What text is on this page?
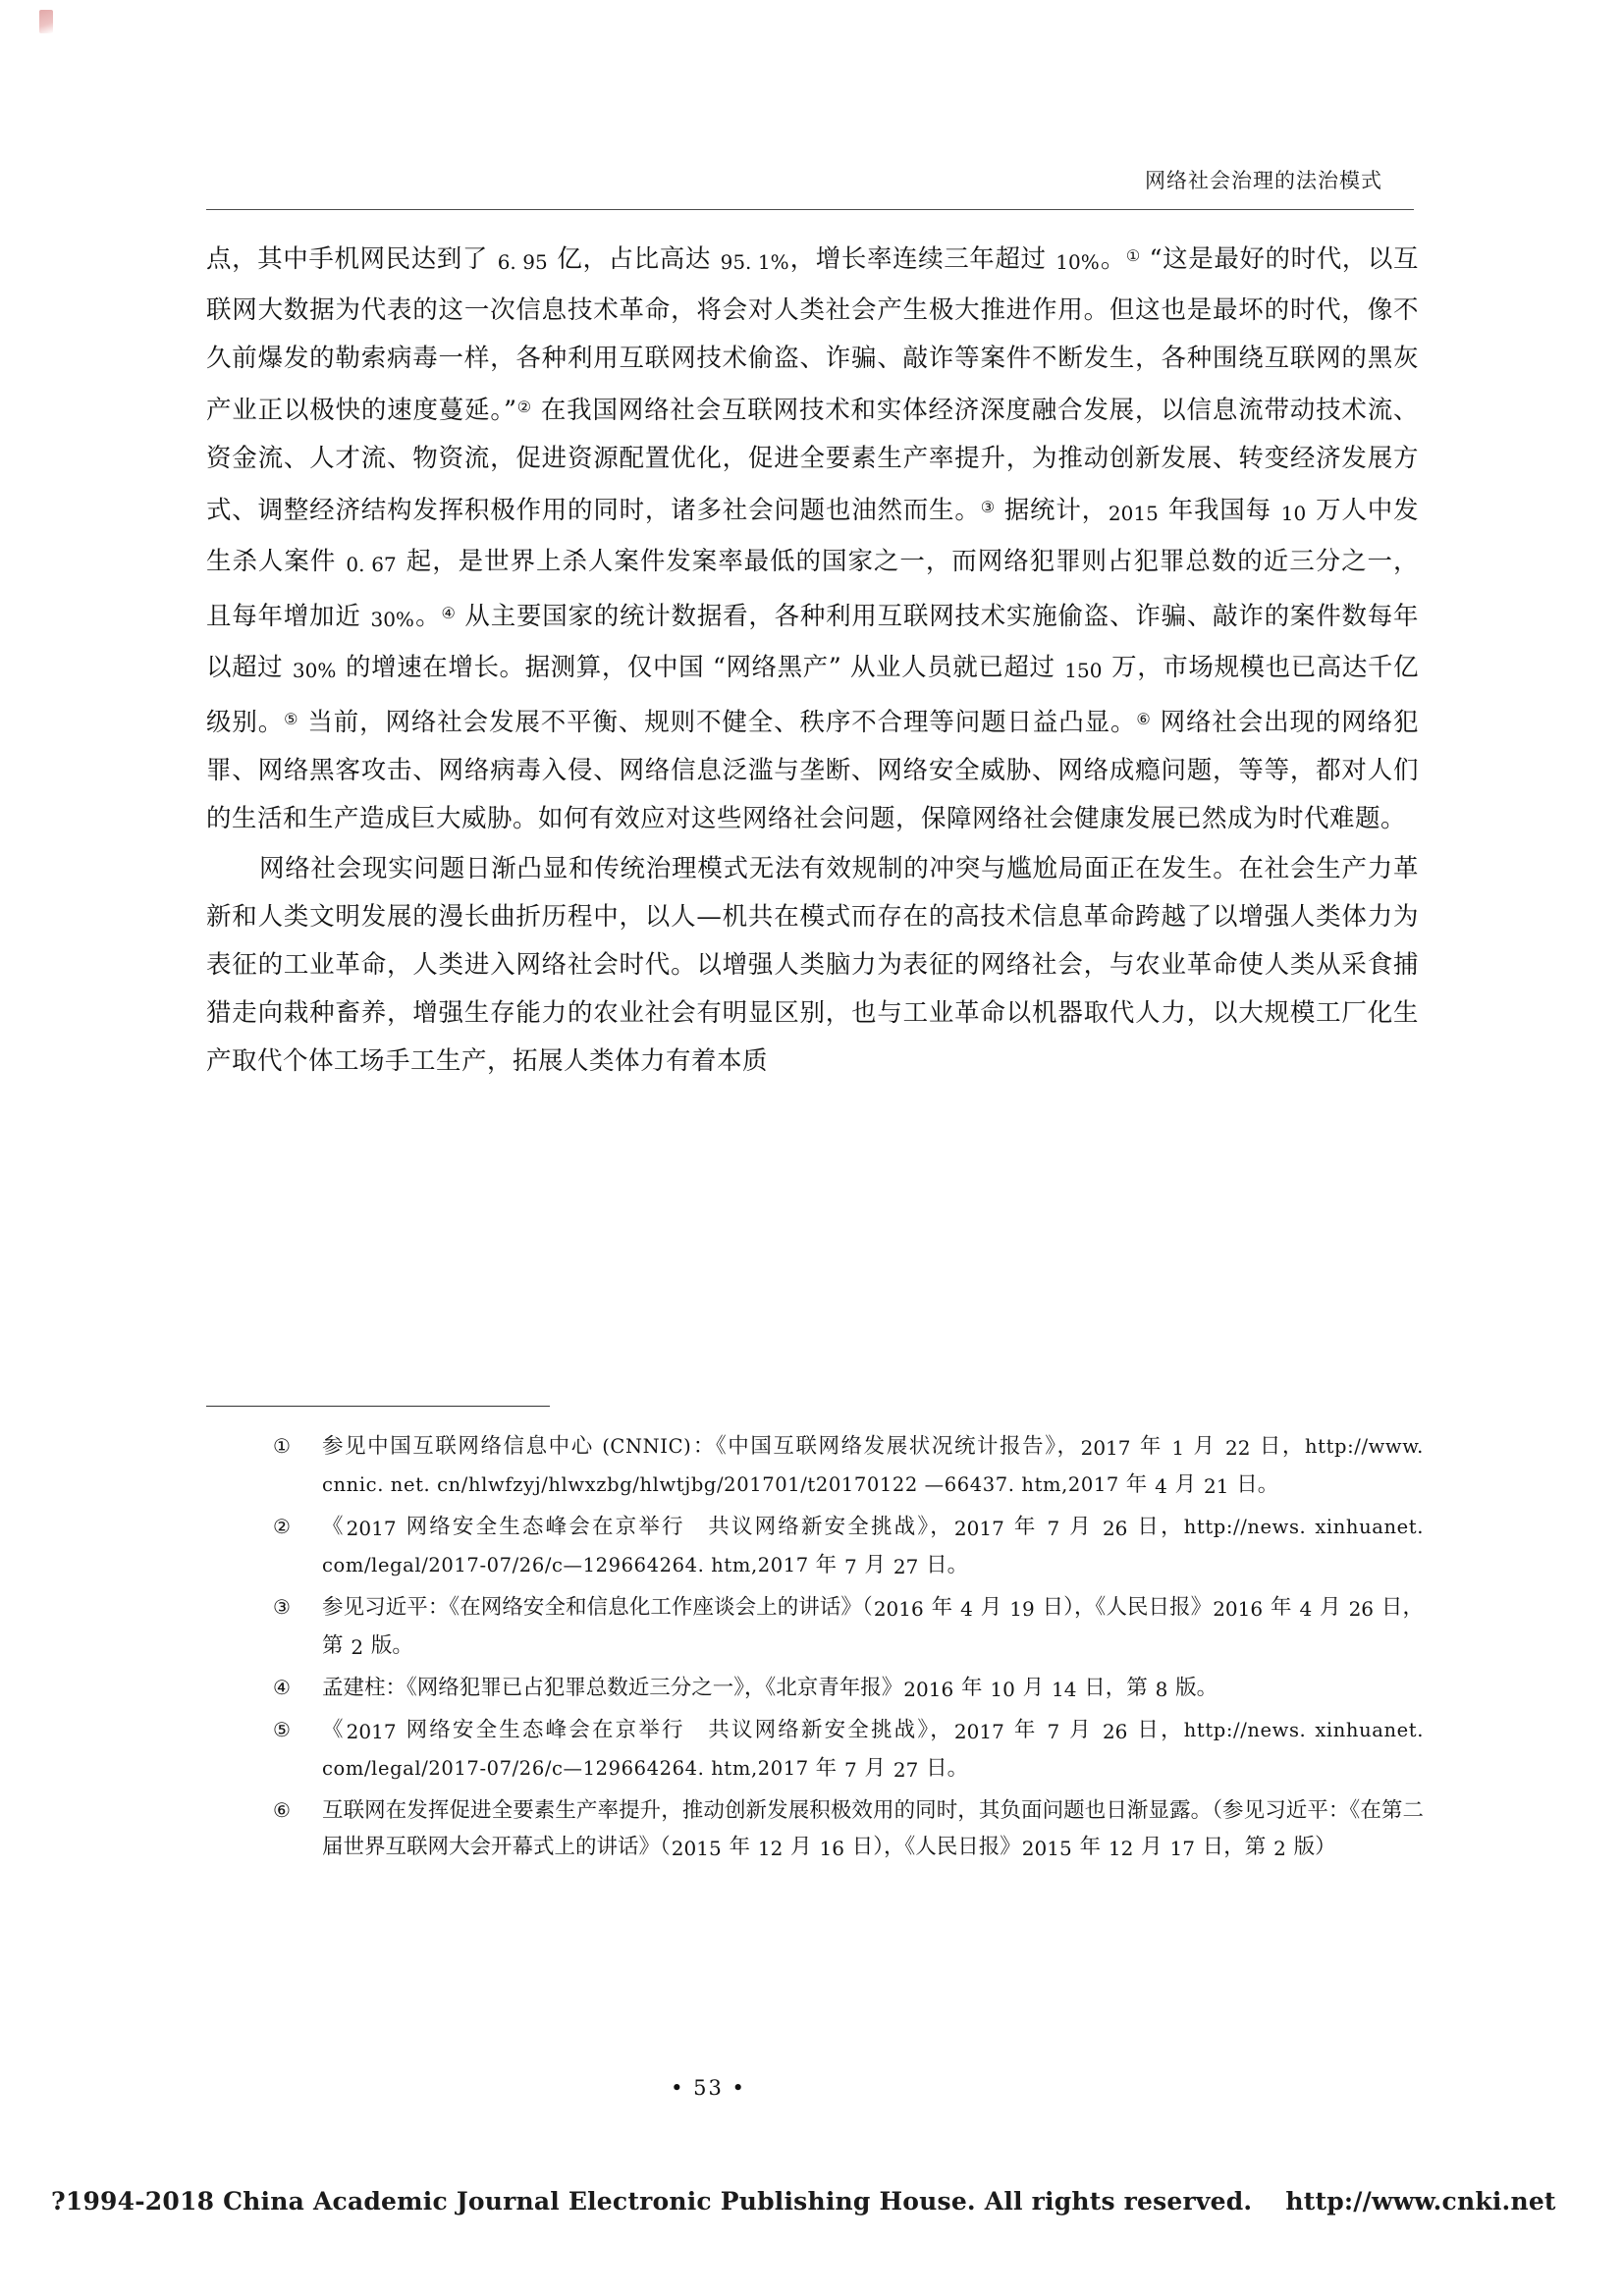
网络社会治理的法治模式

点，其中手机网民达到了 6. 95 亿，占比高达 95. 1%，增长率连续三年超过 10%。① “这是最好的时代，以互联网大数据为代表的这一次信息技术革命，将会对人类社会产生极大推进作用。但这也是最坏的时代，像不久前爆发的勒索病毒一样，各种利用互联网技术偷盗、诈骗、敲诈等案件不断发生，各种围绕互联网的黑灰产业正以极快的速度蔓延。”② 在我国网络社会互联网技术和实体经济深度融合发展，以信息流带动技术流、资金流、人才流、物资流，促进资源配置优化，促进全要素生产率提升，为推动创新发展、转变经济发展方式、调整经济结构发挥积极作用的同时，诸多社会问题也油然而生。③ 据统计，2015 年我国每 10 万人中发生杀人案件 0. 67 起，是世界上杀人案件发案率最低的国家之一，而网络犯罪则占犯罪总数的近三分之一，且每年增加近 30%。④ 从主要国家的统计数据看，各种利用互联网技术实施偷盗、诈骗、敲诈的案件数每年以超过 30% 的增速在增长。据测算，仅中国 “网络黑产” 从业人员就已超过 150 万，市场规模也已高达千亿级别。⑤ 当前，网络社会发展不平衡、规则不健全、秩序不合理等问题日益凸显。⑥ 网络社会出现的网络犯罪、网络黑客攻击、网络病毒入侵、网络信息泛滥与垄断、网络安全威胁、网络成瘾问题，等等，都对人们的生活和生产造成巨大威胁。如何有效应对这些网络社会问题，保障网络社会健康发展已然成为时代难题。

网络社会现实问题日渐凸显和传统治理模式无法有效规制的冲突与尴尬局面正在发生。在社会生产力革新和人类文明发展的漫长曲折历程中，以人—机共在模式而存在的高技术信息革命跨越了以增强人类体力为表征的工业革命，人类进入网络社会时代。以增强人类脑力为表征的网络社会，与农业革命使人类从采食捕猎走向栽种畜养，增强生存能力的农业社会有明显区别，也与工业革命以机器取代人力，以大规模工厂化生产取代个体工场手工生产，拓展人类体力有着本质

① 参见中国互联网络信息中心 (CNNIC)：《中国互联网络发展状况统计报告》，2017 年 1 月 22 日，http://www. cnnic. net. cn/hlwfzyj/hlwxzbg/hlwtjbg/201701/t20170122 —66437. htm,2017 年 4 月 21 日。
② 《2017 网络安全生态峰会在京举行　共议网络新安全挑战》，2017 年 7 月 26 日，http://news. xinhuanet. com/legal/2017-07/26/c—129664264. htm,2017 年 7 月 27 日。
③ 参见习近平：《在网络安全和信息化工作座谈会上的讲话》（2016 年 4 月 19 日），《人民日报》2016 年 4 月 26 日，第 2 版。
④ 孟建柱：《网络犯罪已占犯罪总数近三分之一》，《北京青年报》2016 年 10 月 14 日，第 8 版。
⑤ 《2017 网络安全生态峰会在京举行　共议网络新安全挑战》，2017 年 7 月 26 日，http://news. xinhuanet. com/legal/2017-07/26/c—129664264. htm,2017 年 7 月 27 日。
⑥ 互联网在发挥促进全要素生产率提升，推动创新发展积极效用的同时，其负面问题也日渐显露。（参见习近平：《在第二届世界互联网大会开幕式上的讲话》（2015 年 12 月 16 日），《人民日报》2015 年 12 月 17 日，第 2 版）
• 53 •
?1994-2018 China Academic Journal Electronic Publishing House. All rights reserved. http://www.cnki.net
